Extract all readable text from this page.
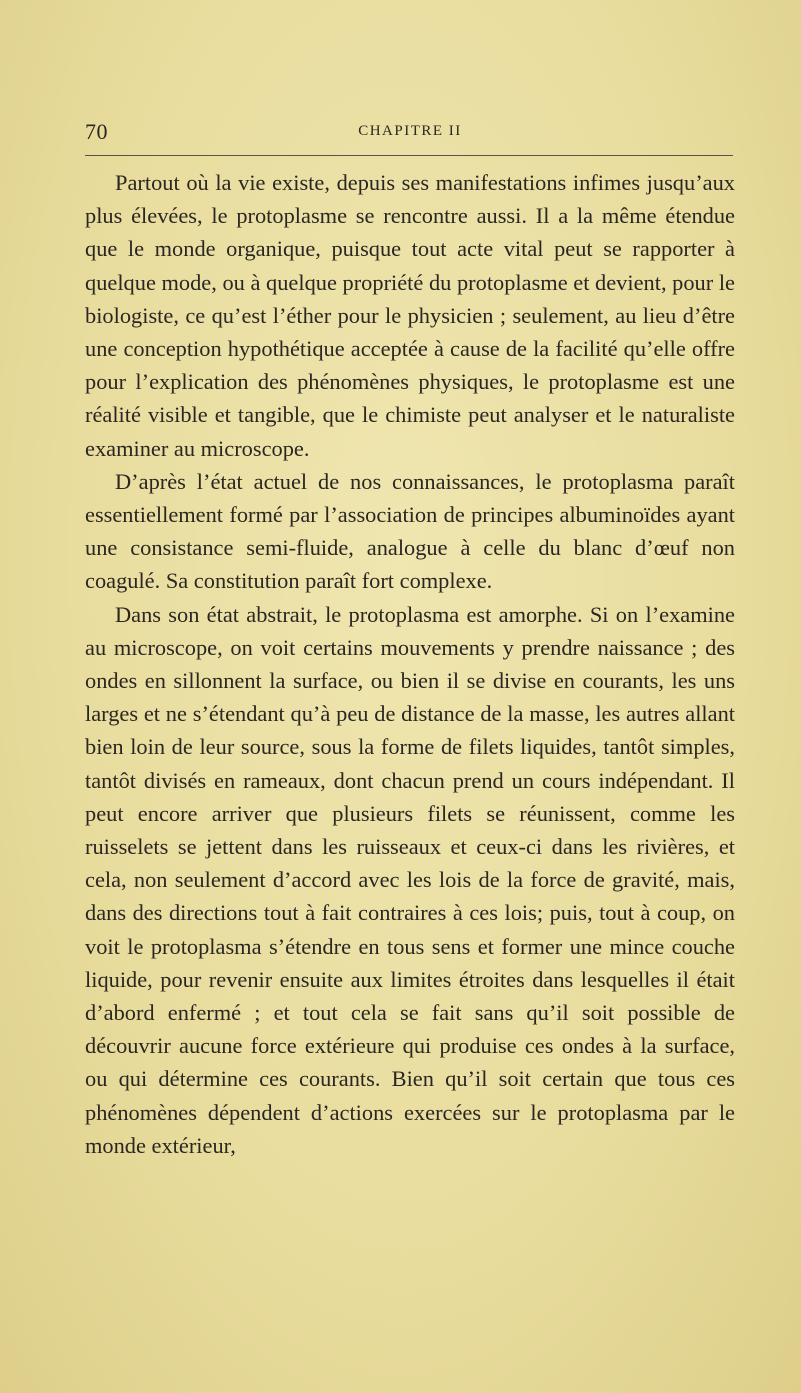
70	CHAPITRE II

Partout où la vie existe, depuis ses manifestations infimes jusqu’aux plus élevées, le protoplasme se rencontre aussi. Il a la même étendue que le monde organique, puisque tout acte vital peut se rapporter à quelque mode, ou à quelque propriété du protoplasme et devient, pour le biologiste, ce qu’est l’éther pour le physicien ; seulement, au lieu d’être une conception hypothétique acceptée à cause de la facilité qu’elle offre pour l’explication des phénomènes physiques, le protoplasme est une réalité visible et tangible, que le chimiste peut analyser et le naturaliste examiner au microscope.

D’après l’état actuel de nos connaissances, le protoplasma paraît essentiellement formé par l’association de principes albuminoïdes ayant une consistance semi-fluide, analogue à celle du blanc d’œuf non coagulé. Sa constitution paraît fort complexe.

Dans son état abstrait, le protoplasma est amorphe. Si on l’examine au microscope, on voit certains mouvements y prendre naissance ; des ondes en sillonnent la surface, ou bien il se divise en courants, les uns larges et ne s’étendant qu’à peu de distance de la masse, les autres allant bien loin de leur source, sous la forme de filets liquides, tantôt simples, tantôt divisés en rameaux, dont chacun prend un cours indépendant. Il peut encore arriver que plusieurs filets se réunissent, comme les ruisselets se jettent dans les ruisseaux et ceux-ci dans les rivières, et cela, non seulement d’accord avec les lois de la force de gravité, mais, dans des directions tout à fait contraires à ces lois; puis, tout à coup, on voit le protoplasma s’étendre en tous sens et former une mince couche liquide, pour revenir ensuite aux limites étroites dans lesquelles il était d’abord enfermé ; et tout cela se fait sans qu’il soit possible de découvrir aucune force extérieure qui produise ces ondes à la surface, ou qui détermine ces courants. Bien qu’il soit certain que tous ces phénomènes dépendent d’actions exercées sur le protoplasma par le monde extérieur,
